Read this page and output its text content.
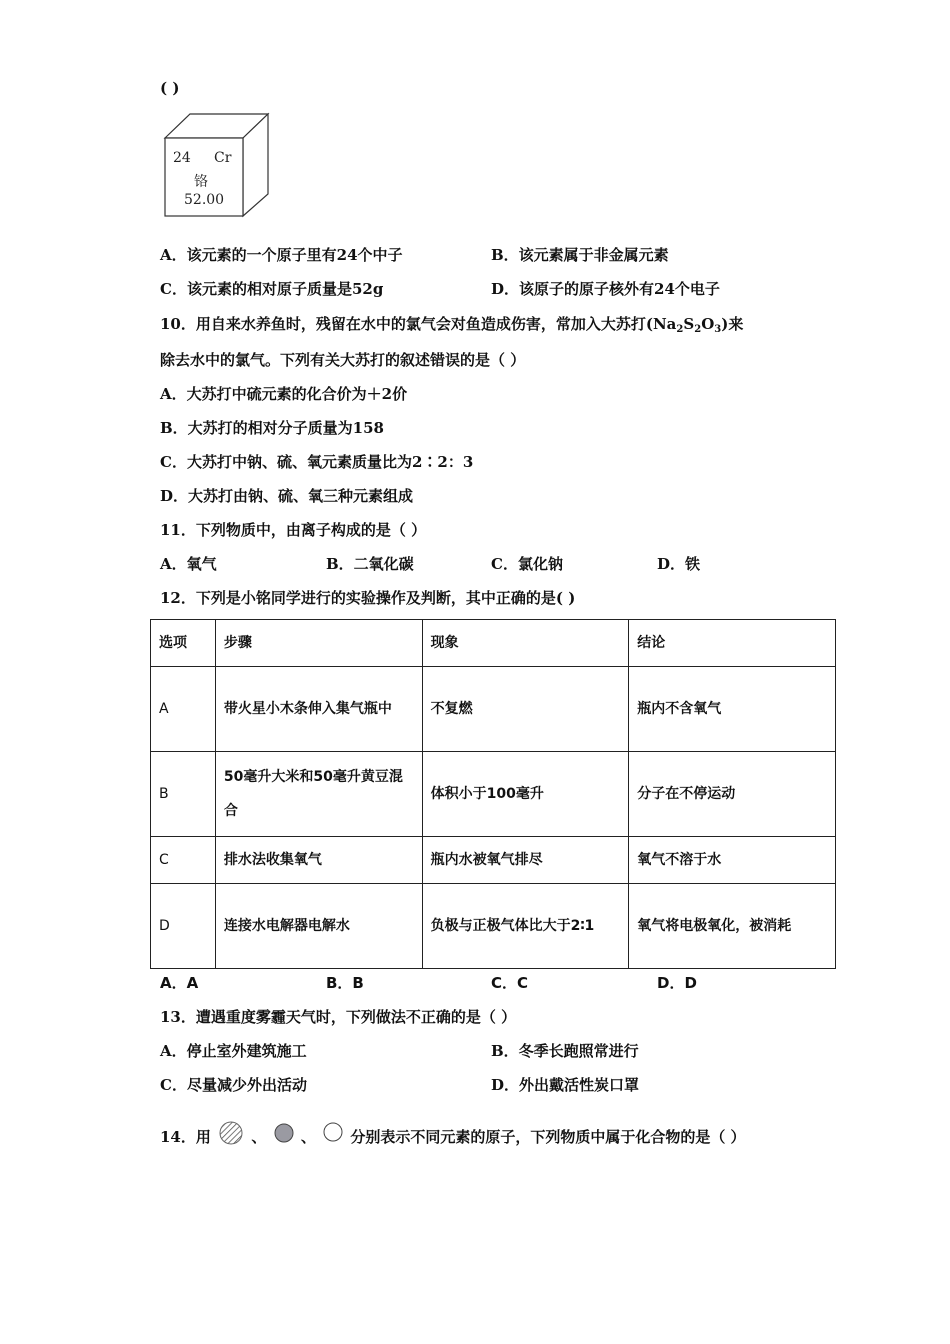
( )
24 Cr
铬
52.00
A．该元素的一个原子里有24个中子	B．该元素属于非金属元素
C．该元素的相对原子质量是52g	D．该原子的原子核外有24个电子
10．用自来水养鱼时，残留在水中的氯气会对鱼造成伤害，常加入大苏打$(Na_2S_2O_3)$来
除去水中的氯气。下列有关大苏打的叙述错误的是（ ）
A．大苏打中硫元素的化合价为＋2价
B．大苏打的相对分子质量为158
C．大苏打中钠、硫、氧元素质量比为2∶2：3
D．大苏打由钠、硫、氧三种元素组成
11．下列物质中，由离子构成的是（ ）
A．氧气	B．二氧化碳	C．氯化钠	D．铁
12．下列是小铭同学进行的实验操作及判断，其中正确的是( )
选项	步骤	现象	结论
A	带火星小木条伸入集气瓶中	不复燃	瓶内不含氧气
B	50毫升大米和50毫升黄豆混合	体积小于100毫升	分子在不停运动
C	排水法收集氧气	瓶内水被氧气排尽	氧气不溶于水
D	连接水电解器电解水	负极与正极气体比大于2∶1	氧气将电极氧化，被消耗
A．A	B．B	C．C	D．D
13．遭遇重度雾霾天气时，下列做法不正确的是（ ）
A．停止室外建筑施工	B．冬季长跑照常进行
C．尽量减少外出活动	D．外出戴活性炭口罩
14．用	、 、 分别表示不同元素的原子，下列物质中属于化合物的是（ ）
